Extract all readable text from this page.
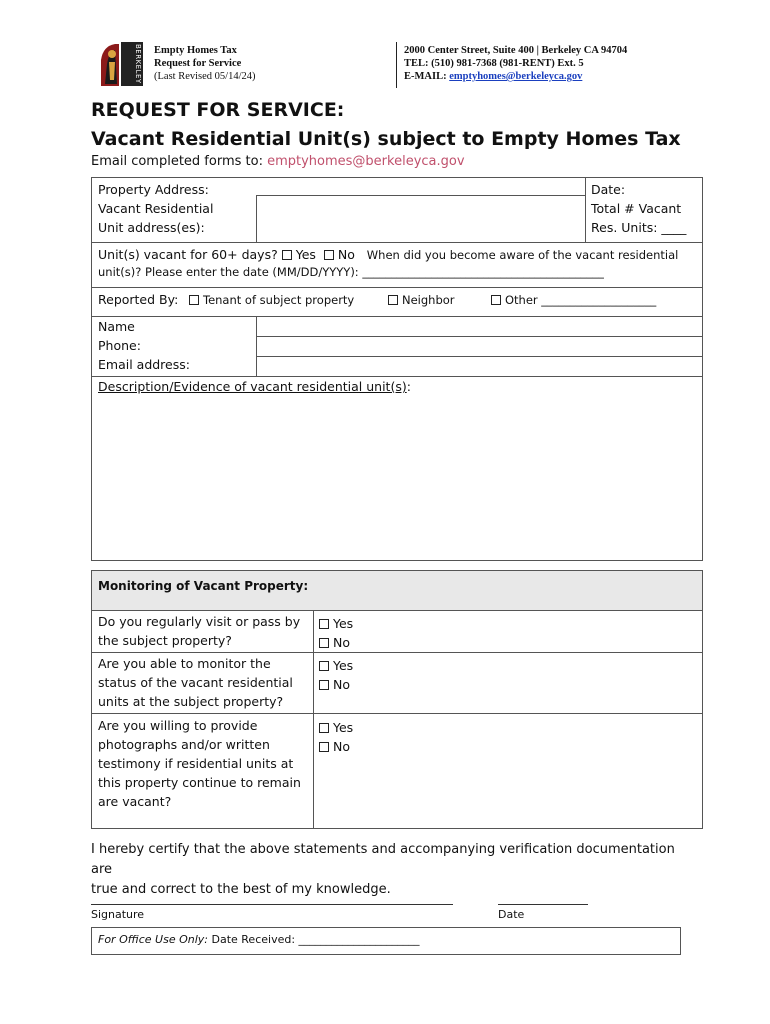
BERKELEY Empty Homes Tax
Request for Service
(Last Revised 05/14/24)
2000 Center Street, Suite 400 | Berkeley CA 94704
TEL: (510) 981-7368 (981-RENT) Ext. 5
E-MAIL: emptyhomes@berkeleyca.gov
REQUEST FOR SERVICE:
Vacant Residential Unit(s) subject to Empty Homes Tax
Email completed forms to: emptyhomes@berkeleyca.gov
Property Address:
Vacant Residential
Unit address(es):
Date:
Total # Vacant
Res. Units: ____
Unit(s) vacant for 60+ days? Yes No When did you become aware of the vacant residential
unit(s)? Please enter the date (MM/DD/YYYY): __________________________________________
Reported By:	Tenant of subject property	Neighbor	Other ____________________
Name
Phone:
Email address:
Description/Evidence of vacant residential unit(s):
Monitoring of Vacant Property:
Do you regularly visit or pass by
the subject property?
Yes
No
Are you able to monitor the
status of the vacant residential
units at the subject property?
Yes
No
Are you willing to provide
photographs and/or written
testimony if residential units at
this property continue to remain
are vacant?
Yes
No
I hereby certify that the above statements and accompanying verification documentation are
true and correct to the best of my knowledge.
Signature	Date
For Office Use Only: Date Received: ______________________
